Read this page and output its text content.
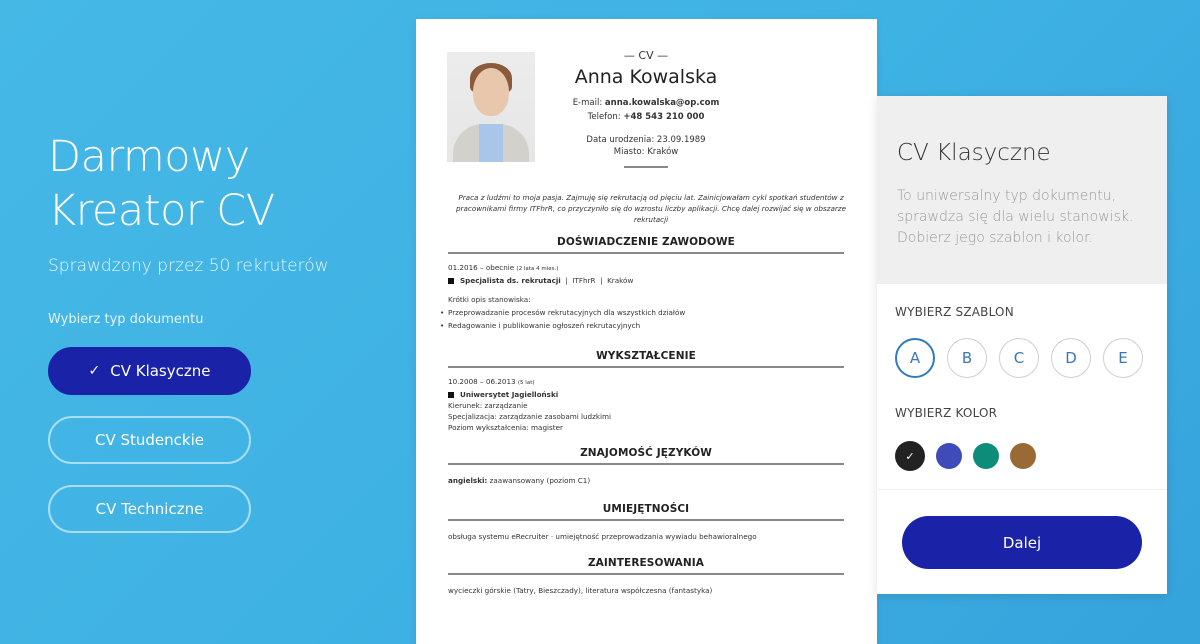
Darmowy
Kreator CV

Sprawdzony przez 50 rekruterów

Wybierz typ dokumentu

✓ CV Klasyczne
CV Studenckie
CV Techniczne
— CV —
Anna Kowalska
E-mail: anna.kowalska@op.com
Telefon: +48 543 210 000
Data urodzenia: 23.09.1989
Miasto: Kraków

Praca z ludźmi to moja pasja. Zajmuję się rekrutacją od pięciu lat. Zainicjowałam cykl spotkań studentów z pracownikami firmy ITFhrR, co przyczyniło się do wzrostu liczby aplikacji. Chcę dalej rozwijać się w obszarze rekrutacji

DOŚWIADCZENIE ZAWODOWE
01.2016 – obecnie (2 lata 4 mies.)
Specjalista ds. rekrutacji | ITFhrR | Kraków
Krótki opis stanowiska:
• Przeprowadzanie procesów rekrutacyjnych dla wszystkich działów
• Redagowanie i publikowanie ogłoszeń rekrutacyjnych
WYKSZTAŁCENIE
10.2008 – 06.2013 (5 lat)
Uniwersytet Jagielloński
Kierunek: zarządzanie
Specjalizacja: zarządzanie zasobami ludzkimi
Poziom wykształcenia: magister
ZNAJOMOŚĆ JĘZYKÓW
angielski: zaawansowany (poziom C1)
UMIEJĘTNOŚCI
obsługa systemu eRecruiter · umiejętność przeprowadzania wywiadu behawioralnego
ZAINTERESOWANIA
wycieczki górskie (Tatry, Bieszczady), literatura współczesna (fantastyka)
CV Klasyczne

To uniwersalny typ dokumentu, sprawdza się dla wielu stanowisk. Dobierz jego szablon i kolor.

WYBIERZ SZABLON
A	B	C	D	E
WYBIERZ KOLOR
✓
Dalej
